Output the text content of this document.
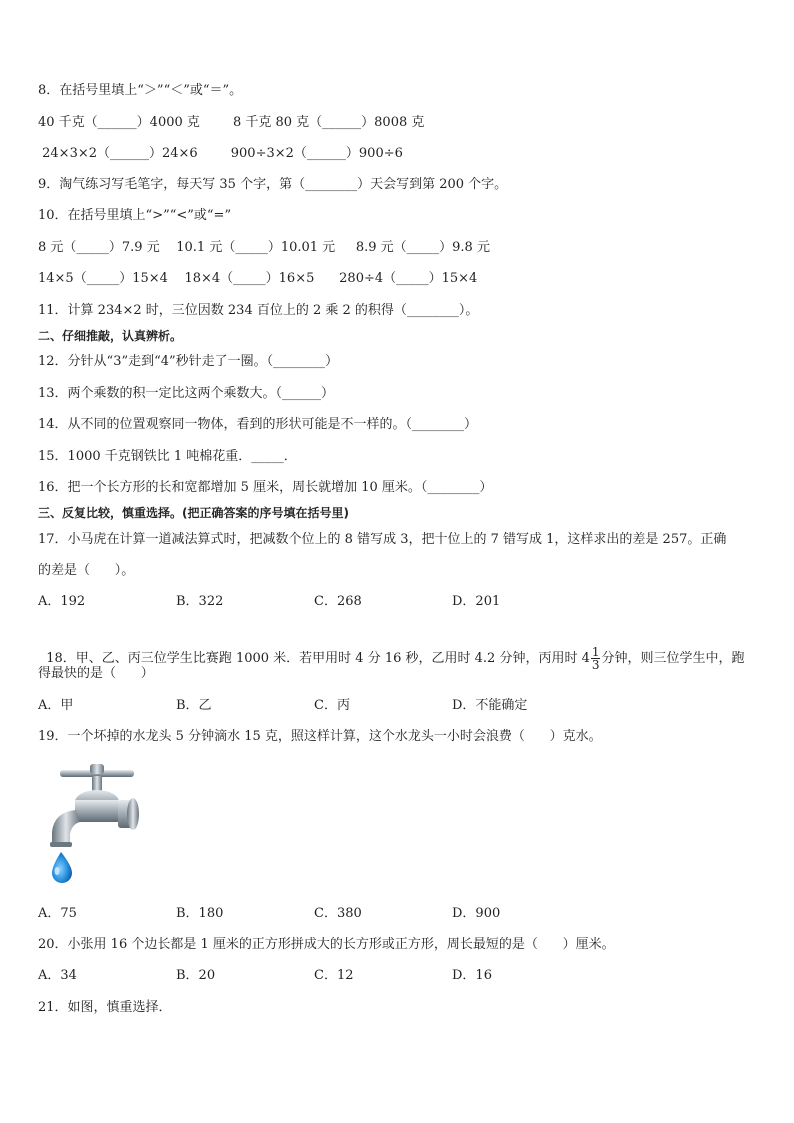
8．在括号里填上“＞”“＜”或“＝”。
40 千克（______）4000 克        8 千克 80 克（______）8008 克
24×3×2（______）24×6        900÷3×2（______）900÷6
9．淘气练习写毛笔字，每天写 35 个字，第（________）天会写到第 200 个字。
10．在括号里填上“>”“<”或“=”
8 元（_____）7.9 元    10.1 元（_____）10.01 元     8.9 元（_____）9.8 元
14×5（_____）15×4    18×4（_____）16×5      280÷4（_____）15×4
11．计算 234×2 时，三位因数 234 百位上的 2 乘 2 的积得（________）。
二、仔细推敲，认真辨析。
12．分针从“3”走到“4”秒针走了一圈。（________）
13．两个乘数的积一定比这两个乘数大。（______）
14．从不同的位置观察同一物体，看到的形状可能是不一样的。（________）
15．1000 千克钢铁比 1 吨棉花重．_____．
16．把一个长方形的长和宽都增加 5 厘米，周长就增加 10 厘米。（________）
三、反复比较，慎重选择。(把正确答案的序号填在括号里)
17．小马虎在计算一道减法算式时，把减数个位上的 8 错写成 3，把十位上的 7 错写成 1，这样求出的差是 257。正确
的差是（      ）。
A．192	B．322	C．268	D．201

18．甲、乙、丙三位学生比赛跑 1000 米．若甲用时 4 分 16 秒，乙用时 4.2 分钟，丙用时 $4 \frac{1}{3}$ 分钟，则三位学生中，跑

得最快的是（      ）
A．甲	B．乙	C．丙	D．不能确定
19．一个坏掉的水龙头 5 分钟滴水 15 克，照这样计算，这个水龙头一小时会浪费（      ）克水。
A．75	B．180	C．380	D．900
20．小张用 16 个边长都是 1 厘米的正方形拼成大的长方形或正方形，周长最短的是（      ）厘米。
A．34	B．20	C．12	D．16
21．如图，慎重选择．
